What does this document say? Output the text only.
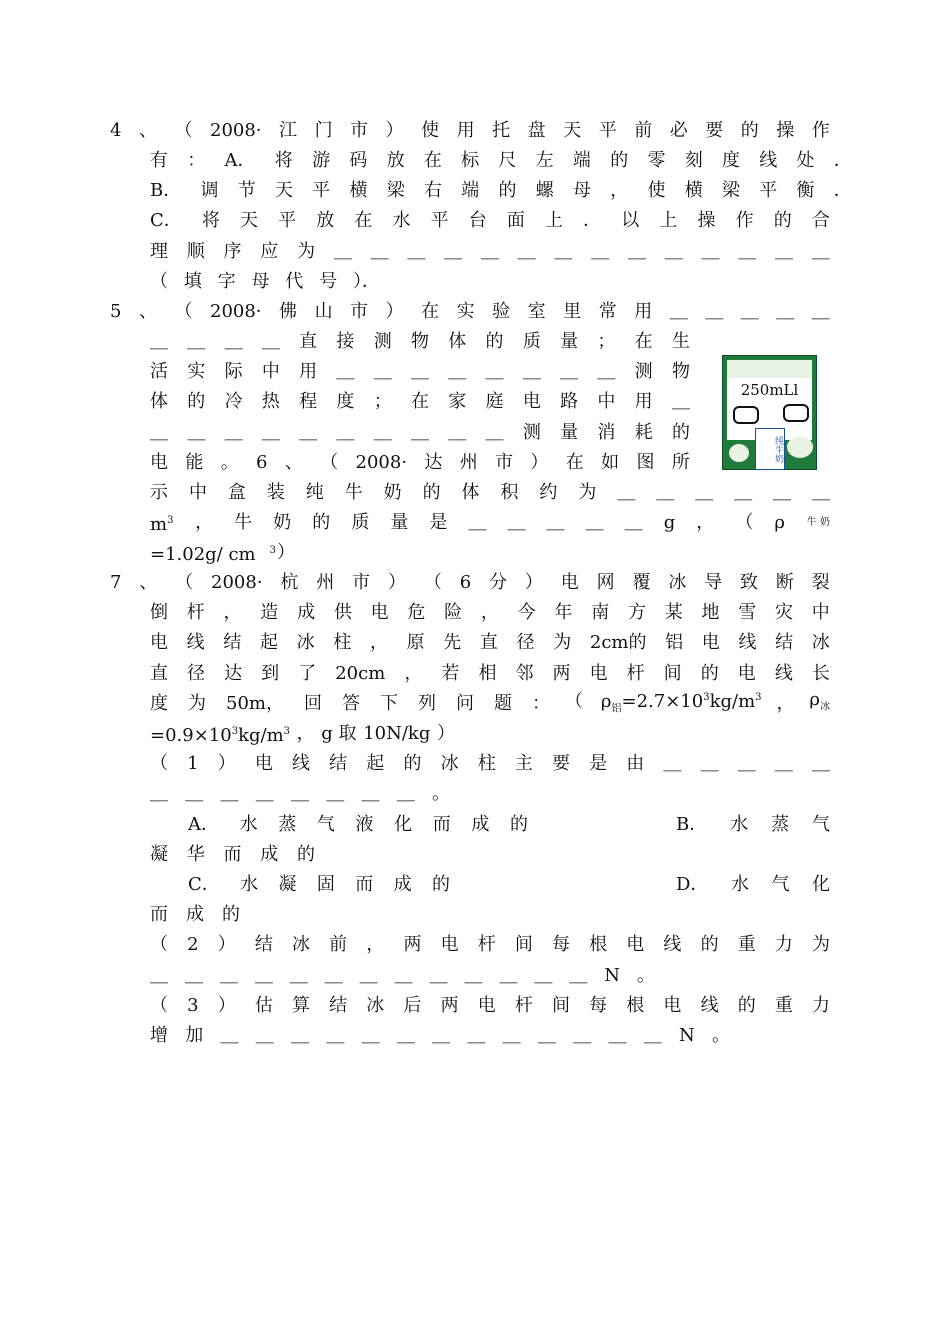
4 、 （ 2008· 江 门 市 ） 使 用 托 盘 天 平 前 必 要 的 操 作
有 ： A． 将 游 码 放 在 标 尺 左 端 的 零 刻 度 线 处 ．
B． 调 节 天 平 横 梁 右 端 的 螺 母 ， 使 横 梁 平 衡 ．
C． 将 天 平 放 在 水 平 台 面 上 ． 以 上 操 作 的 合
理 顺 序 应 为 ＿ ＿ ＿ ＿ ＿ ＿ ＿ ＿ ＿ ＿ ＿ ＿ ＿ ＿
（ 填 字 母 代 号 ）．
5 、 （ 2008· 佛 山 市 ） 在 实 验 室 里 常 用 ＿ ＿ ＿ ＿ ＿
＿ ＿ ＿ ＿ 直 接 测 物 体 的 质 量 ； 在 生
活 实 际 中 用 ＿ ＿ ＿ ＿ ＿ ＿ ＿ ＿ 测 物
体 的 冷 热 程 度 ； 在 家 庭 电 路 中 用 ＿
＿ ＿ ＿ ＿ ＿ ＿ ＿ ＿ ＿ ＿ 测 量 消 耗 的
电 能 。 6 、 （ 2008· 达 州 市 ） 在 如 图 所
示 中 盒 装 纯 牛 奶 的 体 积 约 为 ＿ ＿ ＿ ＿ ＿ ＿
$m^3$ ， 牛 奶 的 质 量 是 ＿ ＿ ＿ ＿ ＿ g ， （ ρ 牛 奶
=1.02g/ cm $^3$ ）
250mLl
纯牛奶
7 、 （ 2008· 杭 州 市 ） （ 6 分 ） 电 网 覆 冰 导 致 断 裂
倒 杆 ， 造 成 供 电 危 险 ， 今 年 南 方 某 地 雪 灾 中
电 线 结 起 冰 柱 ， 原 先 直 径 为 2cm的 铝 电 线 结 冰
直 径 达 到 了 20cm ， 若 相 邻 两 电 杆 间 的 电 线 长
度 为 50m， 回 答 下 列 问 题 ： （　$\rho_铝=2.7\times 10^3kg/m^3$ ， $\rho_冰$
$=0.9\times 10^3kg/m^3$ ， g 取 10N/kg ）
（ 1 ） 电 线 结 起 的 冰 柱 主 要 是 由 ＿ ＿ ＿ ＿ ＿
＿ ＿ ＿ ＿ ＿ ＿ ＿ ＿ 。
A． 水 蒸 气 液 化 而 成 的	B． 水 蒸 气
凝 华 而 成 的
C． 水 凝 固 而 成 的	D． 水 气 化
而 成 的
（ 2 ） 结 冰 前 ， 两 电 杆 间 每 根 电 线 的 重 力 为
＿ ＿ ＿ ＿ ＿ ＿ ＿ ＿ ＿ ＿ ＿ ＿ ＿ N 。
（ 3 ） 估 算 结 冰 后 两 电 杆 间 每 根 电 线 的 重 力
增 加 ＿ ＿ ＿ ＿ ＿ ＿ ＿ ＿ ＿ ＿ ＿ ＿ ＿ N 。
